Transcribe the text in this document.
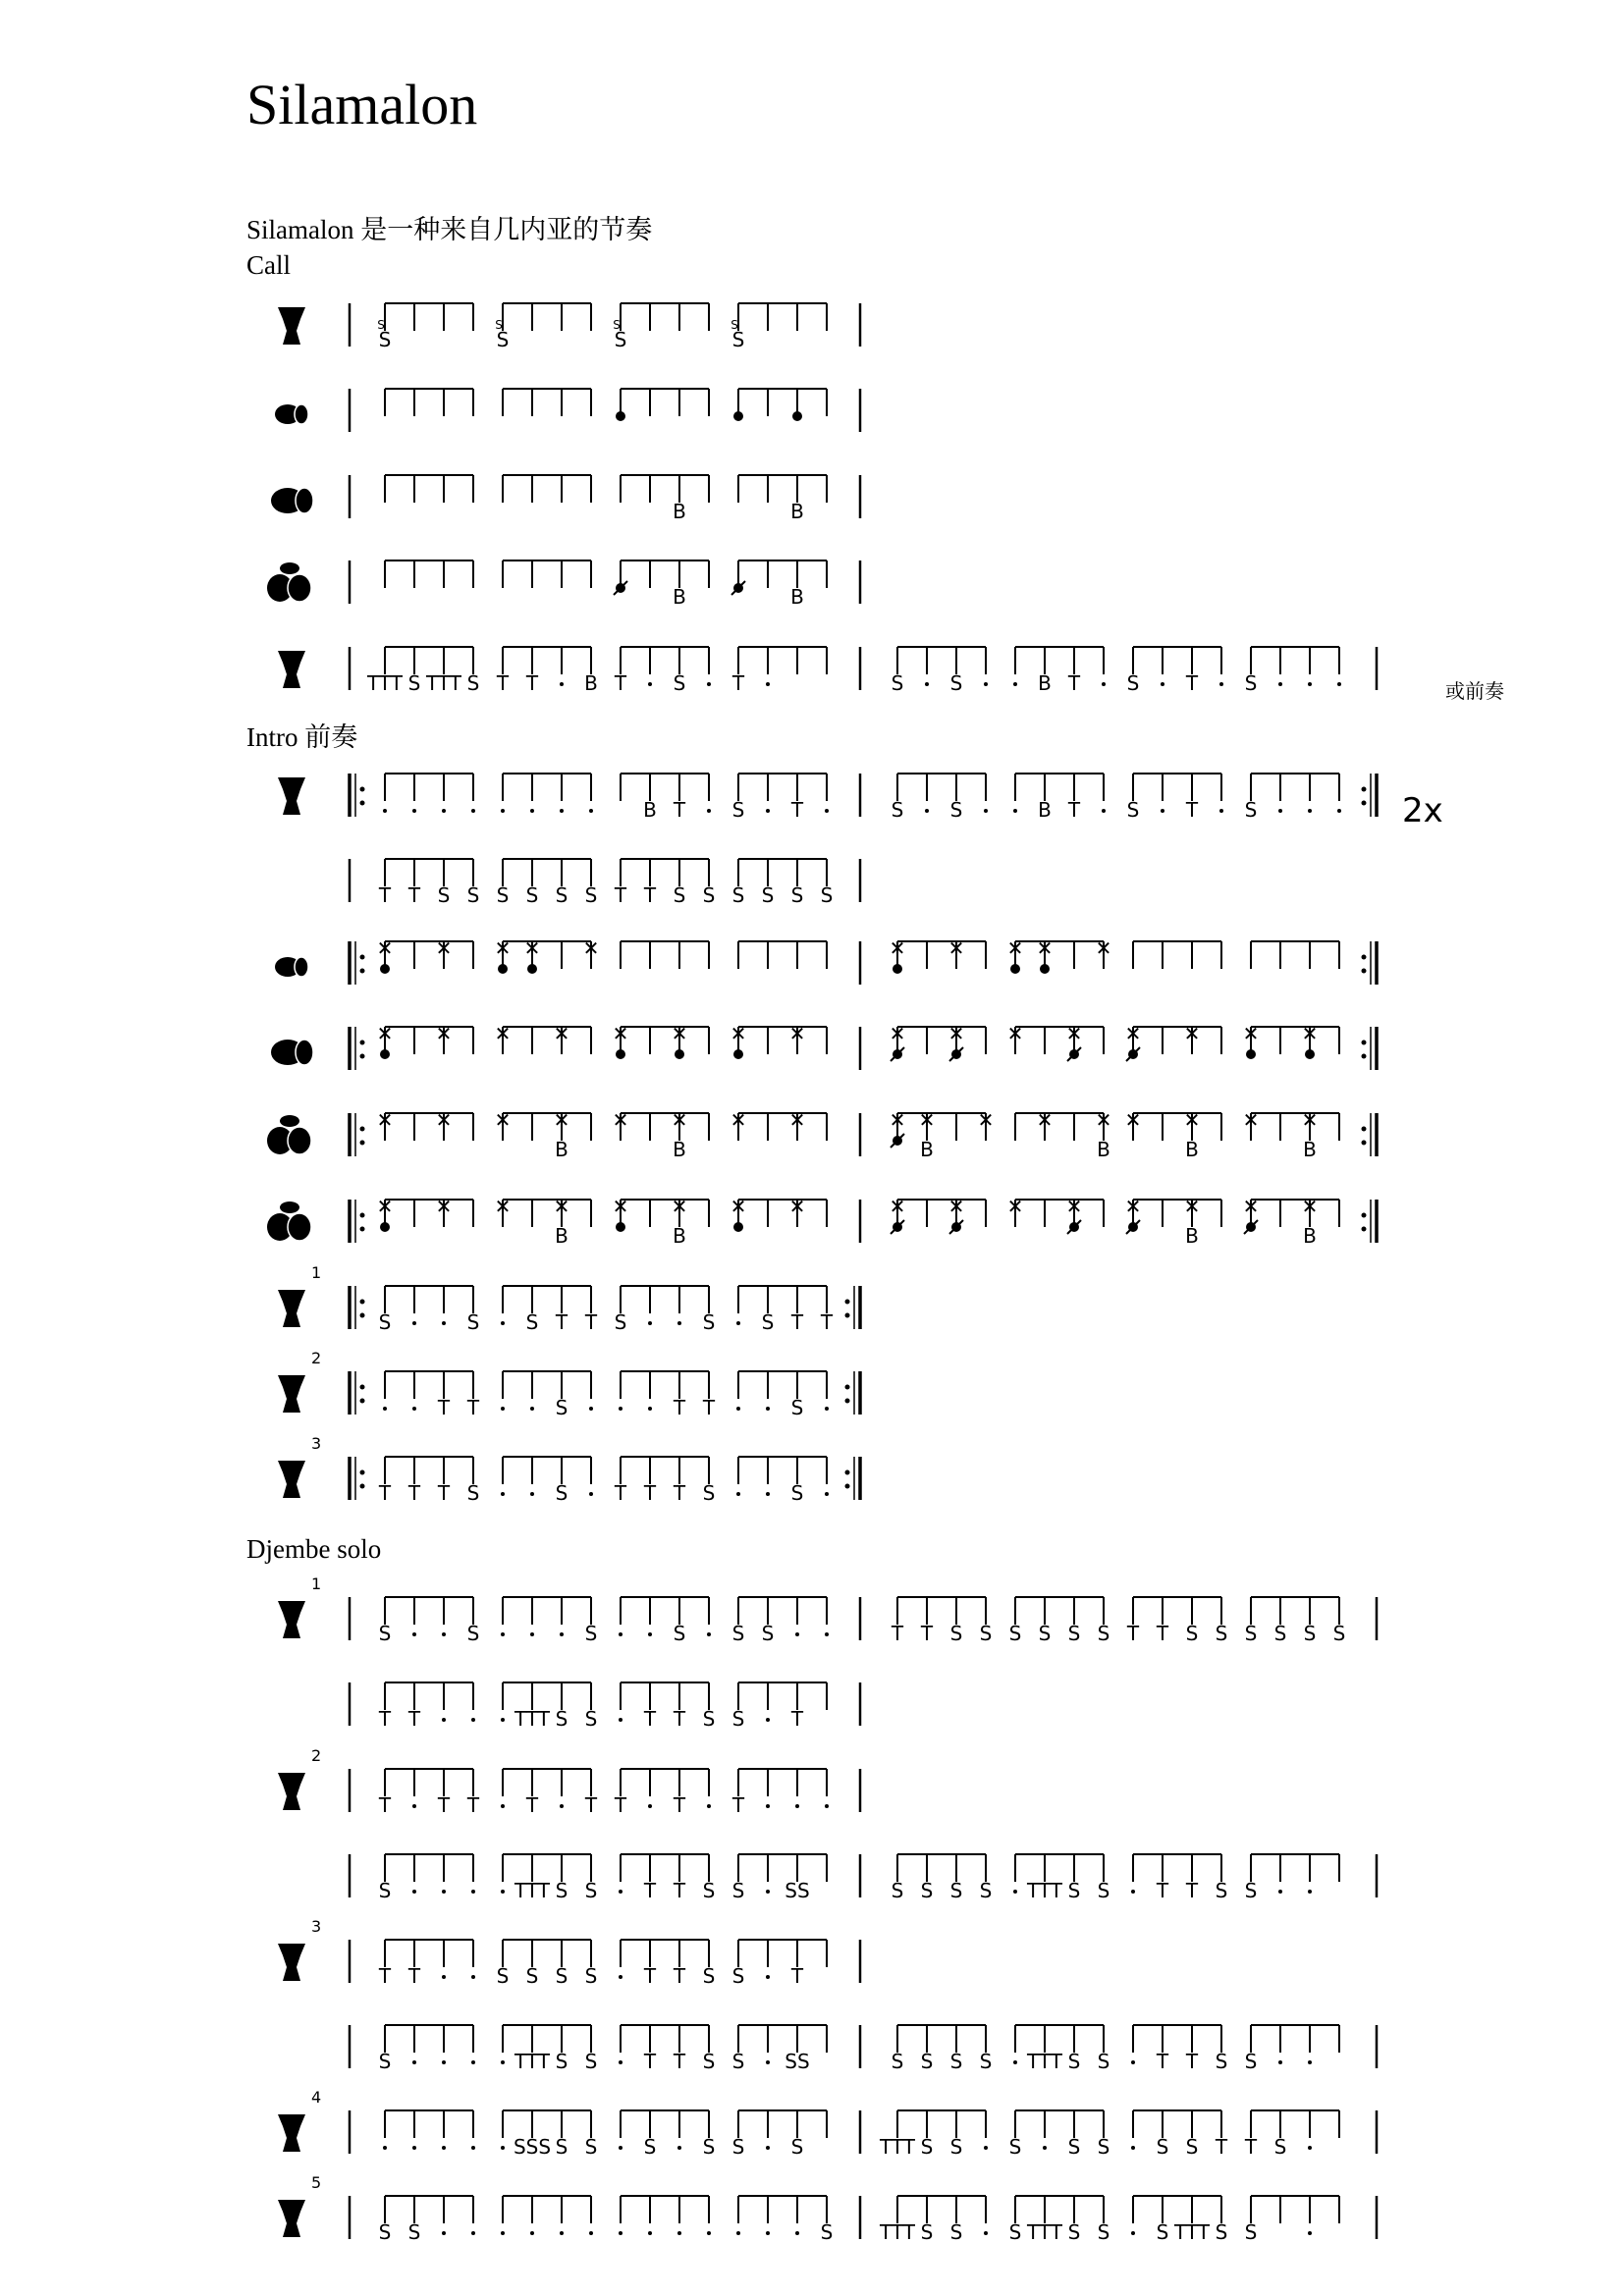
Silamalon
Silamalon 是一种来自几内亚的节奏
Call
Intro 前奏
Djembe solo
或前奏
2x
S
S
S
S
S
S
S
S
B	B
B	B
TTT S TTT S T T B T S T	S S	B T S T S
B T S T	S S	B T S T S
T T S S S S S S T T S S S S S S
✕ ✕ ✕ ✕ ✕	✕ ✕ ✕ ✕ ✕
✕ ✕ ✕ ✕ ✕ ✕ ✕ ✕	✕ ✕ ✕ ✕ ✕ ✕ ✕ ✕
✕ ✕ ✕ ✕
B
✕ ✕
B
✕ ✕	✕ ✕
B
✕ ✕ ✕
B
✕ ✕
B
✕ ✕
B
✕ ✕ ✕ ✕
B
✕ ✕
B
✕ ✕	✕ ✕ ✕ ✕ ✕ ✕
B
✕ ✕
B
1
S	S S T T S	S S T T
2
T T	S	T T	S
3
T T T S	S T T T S	S
1
S	S	S	S S S	T T S S S S S S T T S S S S S S
T T	TTT S S T T S S T
2
T T T T T T T T
S	TTT S S T T S S SS	S S S S TTT S S T T S S
3
T T	S S S S T T S S T
S	TTT S S T T S S SS	S S S S TTT S S T T S S
4
SSS S S S S S S	TTT S S S S S S S T T S
5
S S	S TTT S S S TTT S S S TTT S S
